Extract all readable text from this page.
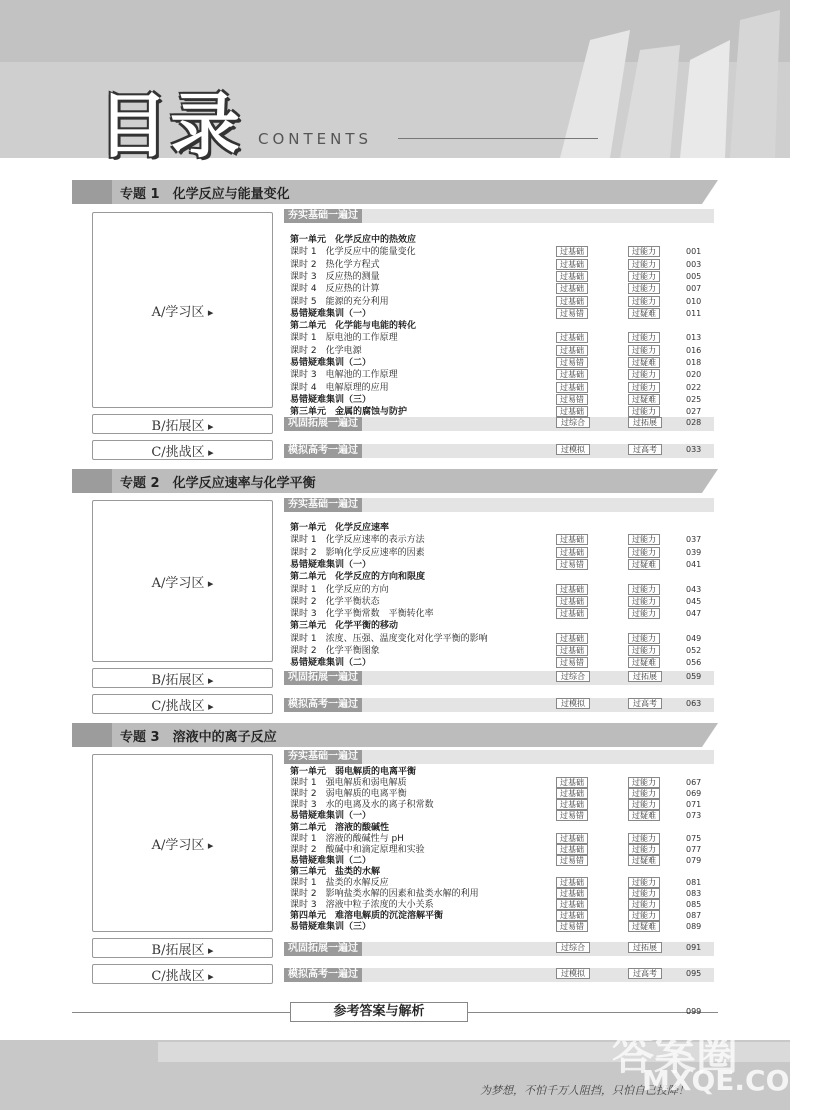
目录 CONTENTS
专题 1　化学反应与能量变化
A/学习区 ▸
夯实基础一遍过
第一单元　化学反应中的热效应
课时 1　化学反应中的能量变化	过基础	过能力	001
课时 2　热化学方程式	过基础	过能力	003
课时 3　反应热的测量	过基础	过能力	005
课时 4　反应热的计算	过基础	过能力	007
课时 5　能源的充分利用	过基础	过能力	010
易错疑难集训（一）	过易错	过疑难	011
第二单元　化学能与电能的转化
课时 1　原电池的工作原理	过基础	过能力	013
课时 2　化学电源	过基础	过能力	016
易错疑难集训（二）	过易错	过疑难	018
课时 3　电解池的工作原理	过基础	过能力	020
课时 4　电解原理的应用	过基础	过能力	022
易错疑难集训（三）	过易错	过疑难	025
第三单元　金属的腐蚀与防护	过基础	过能力	027
B/拓展区 ▸	巩固拓展一遍过	过综合	过拓展	028
C/挑战区 ▸	模拟高考一遍过	过模拟	过高考	033
专题 2　化学反应速率与化学平衡
A/学习区 ▸
夯实基础一遍过
第一单元　化学反应速率
课时 1　化学反应速率的表示方法	过基础	过能力	037
课时 2　影响化学反应速率的因素	过基础	过能力	039
易错疑难集训（一）	过易错	过疑难	041
第二单元　化学反应的方向和限度
课时 1　化学反应的方向	过基础	过能力	043
课时 2　化学平衡状态	过基础	过能力	045
课时 3　化学平衡常数　平衡转化率	过基础	过能力	047
第三单元　化学平衡的移动
课时 1　浓度、压强、温度变化对化学平衡的影响	过基础	过能力	049
课时 2　化学平衡图象	过基础	过能力	052
易错疑难集训（二）	过易错	过疑难	056
B/拓展区 ▸	巩固拓展一遍过	过综合	过拓展	059
C/挑战区 ▸	模拟高考一遍过	过模拟	过高考	063
专题 3　溶液中的离子反应
A/学习区 ▸
夯实基础一遍过
第一单元　弱电解质的电离平衡
课时 1　强电解质和弱电解质	过基础	过能力	067
课时 2　弱电解质的电离平衡	过基础	过能力	069
课时 3　水的电离及水的离子积常数	过基础	过能力	071
易错疑难集训（一）	过易错	过疑难	073
第二单元　溶液的酸碱性
课时 1　溶液的酸碱性与 pH	过基础	过能力	075
课时 2　酸碱中和滴定原理和实验	过基础	过能力	077
易错疑难集训（二）	过易错	过疑难	079
第三单元　盐类的水解
课时 1　盐类的水解反应	过基础	过能力	081
课时 2　影响盐类水解的因素和盐类水解的利用	过基础	过能力	083
课时 3　溶液中粒子浓度的大小关系	过基础	过能力	085
第四单元　难溶电解质的沉淀溶解平衡	过基础	过能力	087
易错疑难集训（三）	过易错	过疑难	089
B/拓展区 ▸	巩固拓展一遍过	过综合	过拓展	091
C/挑战区 ▸	模拟高考一遍过	过模拟	过高考	095
参考答案与解析	099
为梦想，不怕千万人阻挡，只怕自己投降！
答案圈
MXQE.COM
